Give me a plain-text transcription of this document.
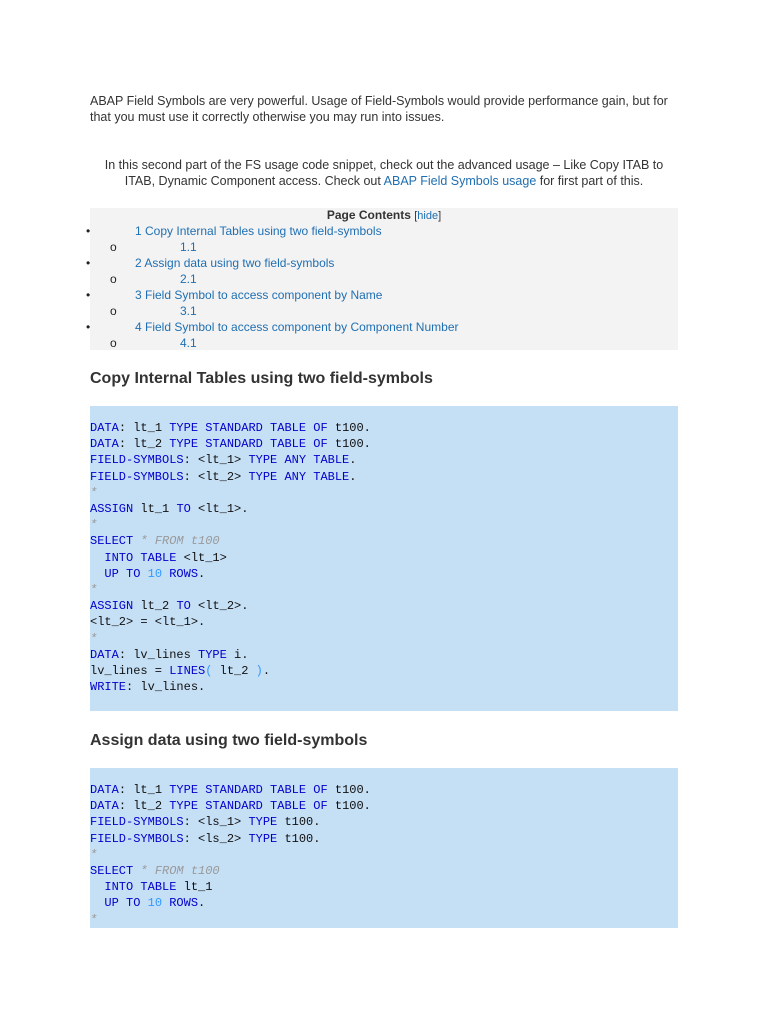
ABAP Field Symbols are very powerful. Usage of Field-Symbols would provide performance gain, but for that you must use it correctly otherwise you may run into issues.

In this second part of the FS usage code snippet, check out the advanced usage – Like Copy ITAB to ITAB, Dynamic Component access. Check out ABAP Field Symbols usage for first part of this.

Page Contents [hide]
•	1 Copy Internal Tables using two field-symbols
o	1.1
•	2 Assign data using two field-symbols
o	2.1
•	3 Field Symbol to access component by Name
o	3.1
•	4 Field Symbol to access component by Component Number
o	4.1
Copy Internal Tables using two field-symbols
DATA: lt_1 TYPE STANDARD TABLE OF t100.
DATA: lt_2 TYPE STANDARD TABLE OF t100.
FIELD-SYMBOLS: <lt_1> TYPE ANY TABLE.
FIELD-SYMBOLS: <lt_2> TYPE ANY TABLE.
*
ASSIGN lt_1 TO <lt_1>.
*
SELECT * FROM t100
INTO TABLE <lt_1>
UP TO 10 ROWS.
*
ASSIGN lt_2 TO <lt_2>.
<lt_2> = <lt_1>.
*
DATA: lv_lines TYPE i.
lv_lines = LINES( lt_2 ).
WRITE: lv_lines.
Assign data using two field-symbols
DATA: lt_1 TYPE STANDARD TABLE OF t100.
DATA: lt_2 TYPE STANDARD TABLE OF t100.
FIELD-SYMBOLS: <ls_1> TYPE t100.
FIELD-SYMBOLS: <ls_2> TYPE t100.
*
SELECT * FROM t100
INTO TABLE lt_1
UP TO 10 ROWS.
*
